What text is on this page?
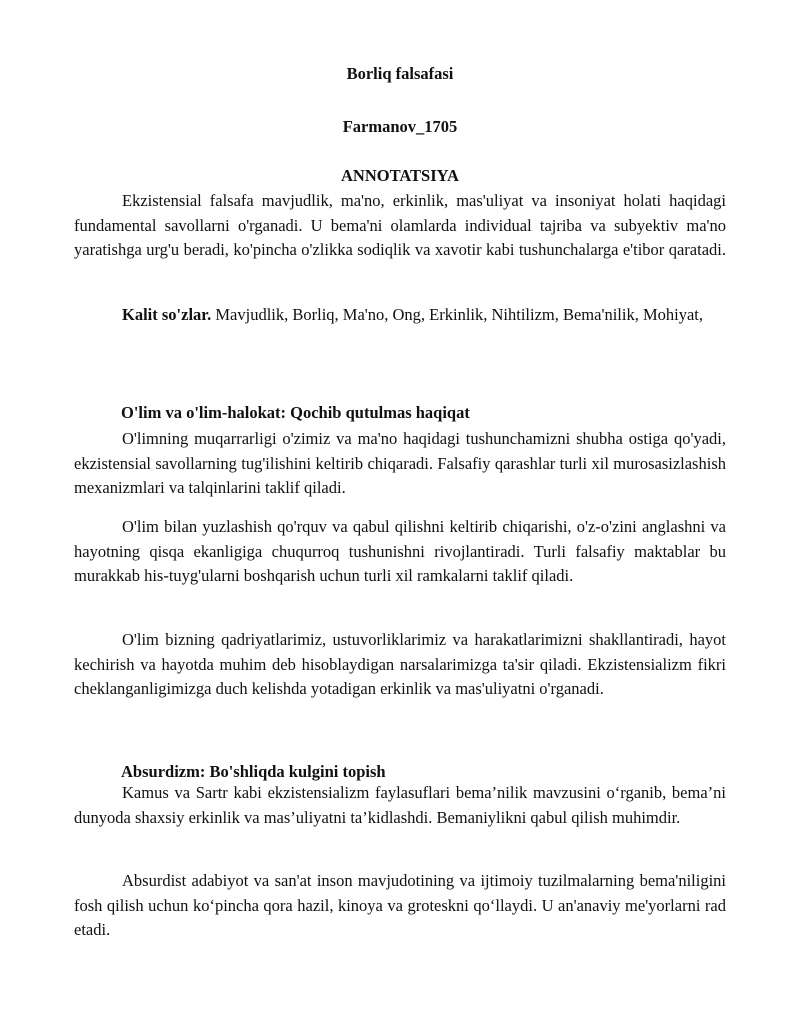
Borliq falsafasi

Farmanov_1705

ANNOTATSIYA

Ekzistensial falsafa mavjudlik, ma'no, erkinlik, mas'uliyat va insoniyat holati haqidagi fundamental savollarni o'rganadi. U bema'ni olamlarda individual tajriba va subyektiv ma'no yaratishga urg'u beradi, ko'pincha o'zlikka sodiqlik va xavotir kabi tushunchalarga e'tibor qaratadi.

Kalit so'zlar. Mavjudlik, Borliq, Ma'no, Ong, Erkinlik, Nihtilizm, Bema'nilik, Mohiyat,

O'lim va o'lim-halokat: Qochib qutulmas haqiqat

O'limning muqarrarligi o'zimiz va ma'no haqidagi tushunchamizni shubha ostiga qo'yadi, ekzistensial savollarning tug'ilishini keltirib chiqaradi. Falsafiy qarashlar turli xil murosasizlashish mexanizmlari va talqinlarini taklif qiladi.

O'lim bilan yuzlashish qo'rquv va qabul qilishni keltirib chiqarishi, o'z-o'zini anglashni va hayotning qisqa ekanligiga chuqurroq tushunishni rivojlantiradi. Turli falsafiy maktablar bu murakkab his-tuyg'ularni boshqarish uchun turli xil ramkalarni taklif qiladi.

O'lim bizning qadriyatlarimiz, ustuvorliklarimiz va harakatlarimizni shakllantiradi, hayot kechirish va hayotda muhim deb hisoblaydigan narsalarimizga ta'sir qiladi. Ekzistensializm fikri cheklanganligimizga duch kelishda yotadigan erkinlik va mas'uliyatni o'rganadi.

Absurdizm: Bo'shliqda kulgini topish

Kamus va Sartr kabi ekzistensializm faylasuflari bema’nilik mavzusini o‘rganib, bema’ni dunyoda shaxsiy erkinlik va mas’uliyatni ta’kidlashdi. Bemaniylikni qabul qilish muhimdir.

Absurdist adabiyot va san'at inson mavjudotining va ijtimoiy tuzilmalarning bema'niligini fosh qilish uchun ko‘pincha qora hazil, kinoya va groteskni qo‘llaydi. U an'anaviy me'yorlarni rad etadi.
